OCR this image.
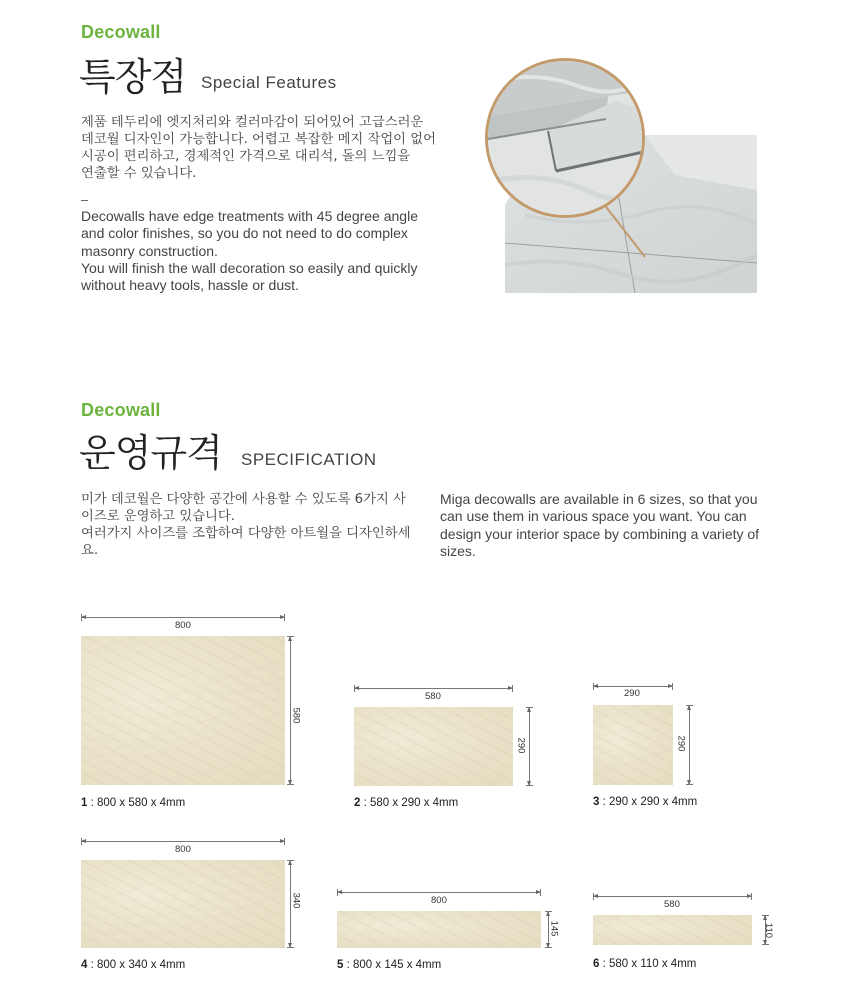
Decowall
특장점 Special Features
제품 테두리에 엣지처리와 컬러마감이 되어있어 고급스러운
데코월 디자인이 가능합니다. 어렵고 복잡한 메지 작업이 없어
시공이 편리하고, 경제적인 가격으로 대리석, 돌의 느낌을
연출할 수 있습니다.
Decowalls have edge treatments with 45 degree angle
and color finishes, so you do not need to do complex
masonry construction.
You will finish the wall decoration so easily and quickly
without heavy tools, hassle or dust.
Decowall
운영규격 SPECIFICATION
미가 데코월은 다양한 공간에 사용할 수 있도록 6가지 사
이즈로 운영하고 있습니다.
여러가지 사이즈를 조합하여 다양한 아트월을 디자인하세
요.
Miga decowalls are available in 6 sizes, so that you
can use them in various space you want. You can
design your interior space by combining a variety of
sizes.
800
580
1 : 800 x 580 x 4mm
580
290
2 : 580 x 290 x 4mm
290
290
3 : 290 x 290 x 4mm
800
340
4 : 800 x 340 x 4mm
800
145
5 : 800 x 145 x 4mm
580
110
6 : 580 x 110 x 4mm
